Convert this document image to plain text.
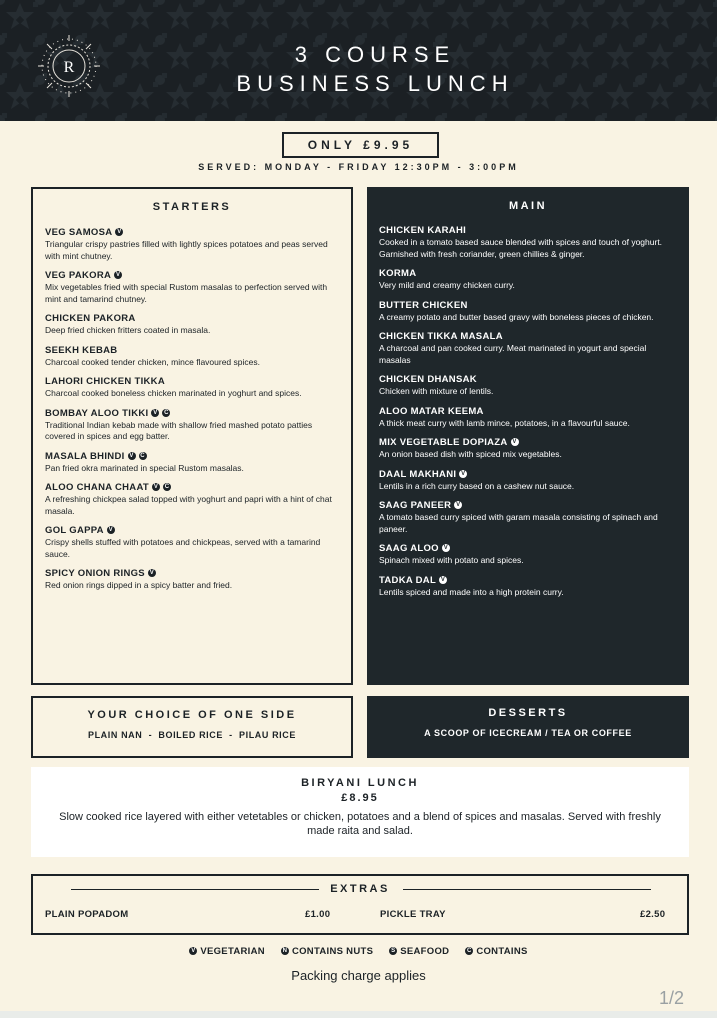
R
3 COURSE
BUSINESS LUNCH
ONLY £9.95
SERVED: MONDAY - FRIDAY 12:30PM - 3:00PM
STARTERS
VEG SAMOSA V
Triangular crispy pastries filled with lightly spices potatoes and peas served with mint chutney.
VEG PAKORA V
Mix vegetables fried with special Rustom masalas to perfection served with mint and tamarind chutney.
CHICKEN PAKORA
Deep fried chicken fritters coated in masala.
SEEKH KEBAB
Charcoal cooked tender chicken, mince flavoured spices.
LAHORI CHICKEN TIKKA
Charcoal cooked boneless chicken marinated in yoghurt and spices.
BOMBAY ALOO TIKKI V C
Traditional Indian kebab made with shallow fried mashed potato patties covered in spices and egg batter.
MASALA BHINDI V C
Pan fried okra marinated in special Rustom masalas.
ALOO CHANA CHAAT V C
A refreshing chickpea salad topped with yoghurt and papri with a hint of chat masala.
GOL GAPPA V
Crispy shells stuffed with potatoes and chickpeas, served with a tamarind sauce.
SPICY ONION RINGS V
Red onion rings dipped in a spicy batter and fried.
MAIN
CHICKEN KARAHI
Cooked in a tomato based sauce blended with spices and touch of yoghurt. Garnished with fresh coriander, green chillies & ginger.
KORMA
Very mild and creamy chicken curry.
BUTTER CHICKEN
A creamy potato and butter based gravy with boneless pieces of chicken.
CHICKEN TIKKA MASALA
A charcoal and pan cooked curry. Meat marinated in yogurt and special masalas
CHICKEN DHANSAK
Chicken with mixture of lentils.
ALOO MATAR KEEMA
A thick meat curry with lamb mince, potatoes, in a flavourful sauce.
MIX VEGETABLE DOPIAZA V
An onion based dish with spiced mix vegetables.
DAAL MAKHANI V
Lentils in a rich curry based on a cashew nut sauce.
SAAG PANEER V
A tomato based curry spiced with garam masala consisting of spinach and paneer.
SAAG ALOO V
Spinach mixed with potato and spices.
TADKA DAL V
Lentils spiced and made into a high protein curry.
YOUR CHOICE OF ONE SIDE
PLAIN NAN  -  BOILED RICE  -  PILAU RICE
DESSERTS
A SCOOP OF ICECREAM / TEA OR COFFEE
BIRYANI LUNCH
£8.95
Slow cooked rice layered with either vetetables or chicken, potatoes and a blend of spices and masalas. Served with freshly made raita and salad.
EXTRAS
PLAIN POPADOM	£1.00	PICKLE TRAY	£2.50
V VEGETARIAN	N CONTAINS NUTS	S SEAFOOD	C CONTAINS
Packing charge applies
1/2
